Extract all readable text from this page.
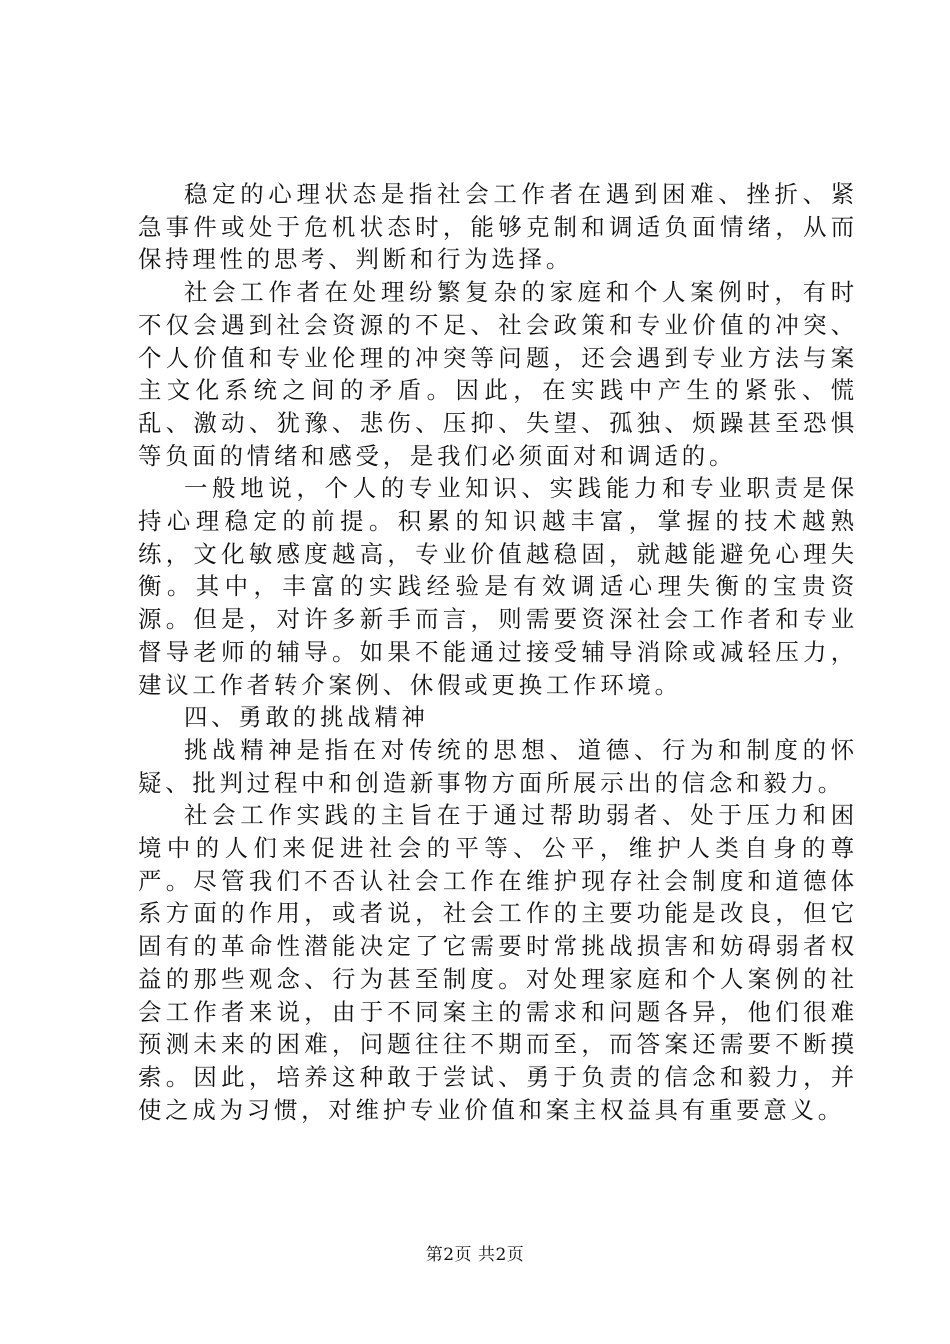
稳定的心理状态是指社会工作者在遇到困难、挫折、紧急事件或处于危机状态时，能够克制和调适负面情绪，从而保持理性的思考、判断和行为选择。

社会工作者在处理纷繁复杂的家庭和个人案例时，有时不仅会遇到社会资源的不足、社会政策和专业价值的冲突、个人价值和专业伦理的冲突等问题，还会遇到专业方法与案主文化系统之间的矛盾。因此，在实践中产生的紧张、慌乱、激动、犹豫、悲伤、压抑、失望、孤独、烦躁甚至恐惧等负面的情绪和感受，是我们必须面对和调适的。

一般地说，个人的专业知识、实践能力和专业职责是保持心理稳定的前提。积累的知识越丰富，掌握的技术越熟练，文化敏感度越高，专业价值越稳固，就越能避免心理失衡。其中，丰富的实践经验是有效调适心理失衡的宝贵资源。但是，对许多新手而言，则需要资深社会工作者和专业督导老师的辅导。如果不能通过接受辅导消除或减轻压力，建议工作者转介案例、休假或更换工作环境。

四、勇敢的挑战精神

挑战精神是指在对传统的思想、道德、行为和制度的怀疑、批判过程中和创造新事物方面所展示出的信念和毅力。

社会工作实践的主旨在于通过帮助弱者、处于压力和困境中的人们来促进社会的平等、公平，维护人类自身的尊严。尽管我们不否认社会工作在维护现存社会制度和道德体系方面的作用，或者说，社会工作的主要功能是改良，但它固有的革命性潜能决定了它需要时常挑战损害和妨碍弱者权益的那些观念、行为甚至制度。对处理家庭和个人案例的社会工作者来说，由于不同案主的需求和问题各异，他们很难预测未来的困难，问题往往不期而至，而答案还需要不断摸索。因此，培养这种敢于尝试、勇于负责的信念和毅力，并使之成为习惯，对维护专业价值和案主权益具有重要意义。

第2页 共2页
